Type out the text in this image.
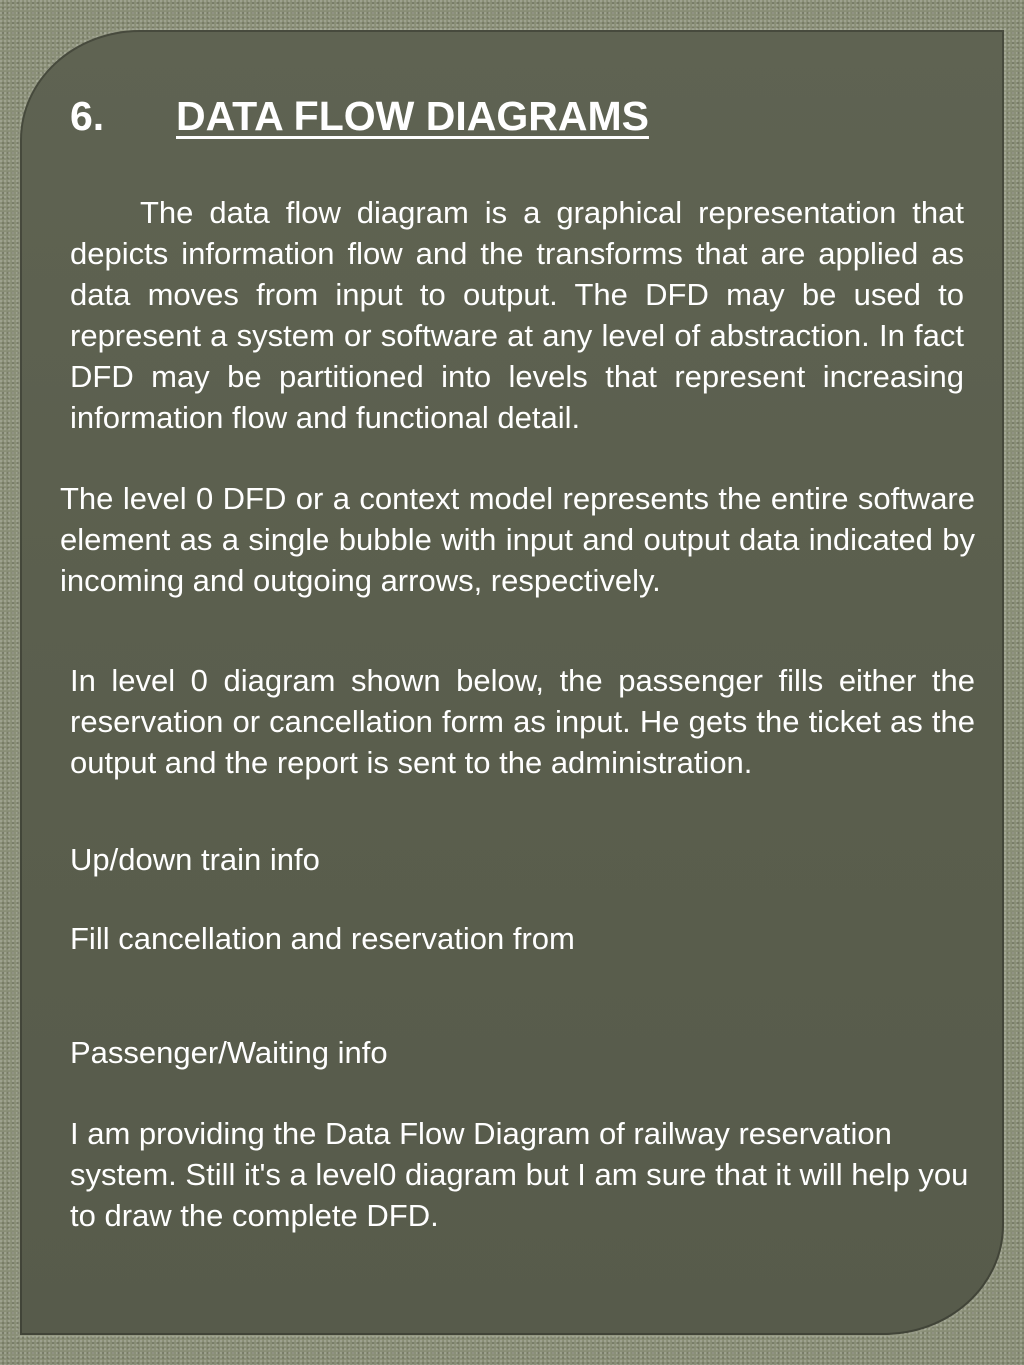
6. DATA FLOW DIAGRAMS

The data flow diagram is a graphical representation that depicts information flow and the transforms that are applied as data moves from input to output. The DFD may be used to represent a system or software at any level of abstraction. In fact DFD may be partitioned into levels that represent increasing information flow and functional detail.

The level 0 DFD or a context model represents the entire software element as a single bubble with input and output data indicated by incoming and outgoing arrows, respectively.

In level 0 diagram shown below, the passenger fills either the reservation or cancellation form as input. He gets the ticket as the output and the report is sent to the administration.

Up/down train info

Fill cancellation and reservation from

Passenger/Waiting info

I am providing the Data Flow Diagram of railway reservation system. Still it's a level0 diagram but I am sure that it will help you to draw the complete DFD.
